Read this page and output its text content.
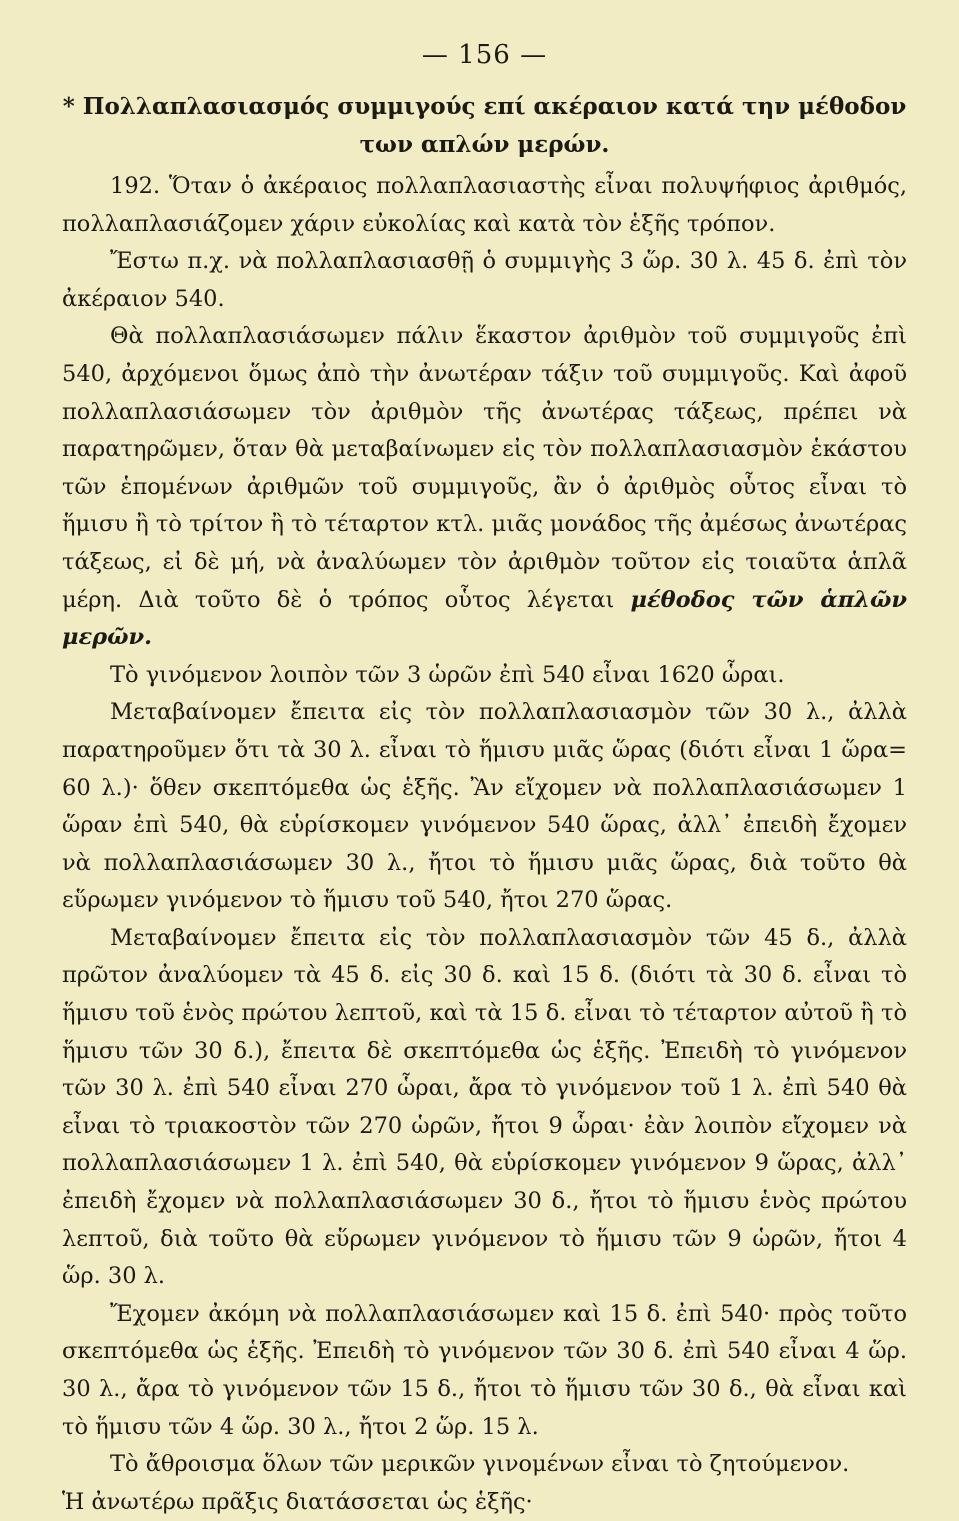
— 156 —
* Πολλαπλασιασμός συμμιγούς επί ακέραιον κατά την μέθοδον των απλών μερών.

192. Ὅταν ὁ ἀκέραιος πολλαπλασιαστὴς εἶναι πολυψήφιος ἀριθμός, πολλαπλασιάζομεν χάριν εὐκολίας καὶ κατὰ τὸν ἑξῆς τρόπον.

Ἔστω π.χ. νὰ πολλαπλασιασθῇ ὁ συμμιγὴς 3 ὥρ. 30 λ. 45 δ. ἐπὶ τὸν ἀκέραιον 540.

Θὰ πολλαπλασιάσωμεν πάλιν ἕκαστον ἀριθμὸν τοῦ συμμιγοῦς ἐπὶ 540, ἀρχόμενοι ὅμως ἀπὸ τὴν ἀνωτέραν τάξιν τοῦ συμμιγοῦς. Καὶ ἀφοῦ πολλαπλασιάσωμεν τὸν ἀριθμὸν τῆς ἀνωτέρας τάξεως, πρέπει νὰ παρατηρῶμεν, ὅταν θὰ μεταβαίνωμεν εἰς τὸν πολλαπλασιασμὸν ἑκάστου τῶν ἑπομένων ἀριθμῶν τοῦ συμμιγοῦς, ἂν ὁ ἀριθμὸς οὗτος εἶναι τὸ ἥμισυ ἢ τὸ τρίτον ἢ τὸ τέταρτον κτλ. μιᾶς μονάδος τῆς ἀμέσως ἀνωτέρας τάξεως, εἰ δὲ μή, νὰ ἀναλύωμεν τὸν ἀριθμὸν τοῦτον εἰς τοιαῦτα ἁπλᾶ μέρη. Διὰ τοῦτο δὲ ὁ τρόπος οὗτος λέγεται μέθοδος τῶν ἁπλῶν μερῶν.

Τὸ γινόμενον λοιπὸν τῶν 3 ὡρῶν ἐπὶ 540 εἶναι 1620 ὧραι.

Μεταβαίνομεν ἔπειτα εἰς τὸν πολλαπλασιασμὸν τῶν 30 λ., ἀλλὰ παρατηροῦμεν ὅτι τὰ 30 λ. εἶναι τὸ ἥμισυ μιᾶς ὥρας (διότι εἶναι 1 ὥρα= 60 λ.)· ὅθεν σκεπτόμεθα ὡς ἑξῆς. Ἂν εἴχομεν νὰ πολλαπλασιάσωμεν 1 ὥραν ἐπὶ 540, θὰ εὑρίσκομεν γινόμενον 540 ὥρας, ἀλλ᾽ ἐπειδὴ ἔχομεν νὰ πολλαπλασιάσωμεν 30 λ., ἤτοι τὸ ἥμισυ μιᾶς ὥρας, διὰ τοῦτο θὰ εὕρωμεν γινόμενον τὸ ἥμισυ τοῦ 540, ἤτοι 270 ὥρας.

Μεταβαίνομεν ἔπειτα εἰς τὸν πολλαπλασιασμὸν τῶν 45 δ., ἀλλὰ πρῶτον ἀναλύομεν τὰ 45 δ. εἰς 30 δ. καὶ 15 δ. (διότι τὰ 30 δ. εἶναι τὸ ἥμισυ τοῦ ἑνὸς πρώτου λεπτοῦ, καὶ τὰ 15 δ. εἶναι τὸ τέταρτον αὐτοῦ ἢ τὸ ἥμισυ τῶν 30 δ.), ἔπειτα δὲ σκεπτόμεθα ὡς ἑξῆς. Ἐπειδὴ τὸ γινόμενον τῶν 30 λ. ἐπὶ 540 εἶναι 270 ὧραι, ἄρα τὸ γινόμενον τοῦ 1 λ. ἐπὶ 540 θὰ εἶναι τὸ τριακοστὸν τῶν 270 ὡρῶν, ἤτοι 9 ὧραι· ἐὰν λοιπὸν εἴχομεν νὰ πολλαπλασιάσωμεν 1 λ. ἐπὶ 540, θὰ εὑρίσκομεν γινόμενον 9 ὥρας, ἀλλ᾽ ἐπειδὴ ἔχομεν νὰ πολλαπλασιάσωμεν 30 δ., ἤτοι τὸ ἥμισυ ἑνὸς πρώτου λεπτοῦ, διὰ τοῦτο θὰ εὕρωμεν γινόμενον τὸ ἥμισυ τῶν 9 ὡρῶν, ἤτοι 4 ὥρ. 30 λ.

Ἔχομεν ἀκόμη νὰ πολλαπλασιάσωμεν καὶ 15 δ. ἐπὶ 540· πρὸς τοῦτο σκεπτόμεθα ὡς ἑξῆς. Ἐπειδὴ τὸ γινόμενον τῶν 30 δ. ἐπὶ 540 εἶναι 4 ὥρ. 30 λ., ἄρα τὸ γινόμενον τῶν 15 δ., ἤτοι τὸ ἥμισυ τῶν 30 δ., θὰ εἶναι καὶ τὸ ἥμισυ τῶν 4 ὥρ. 30 λ., ἤτοι 2 ὥρ. 15 λ.

Τὸ ἄθροισμα ὅλων τῶν μερικῶν γινομένων εἶναι τὸ ζητούμενον.

Ἡ ἀνωτέρω πρᾶξις διατάσσεται ὡς ἑξῆς·
